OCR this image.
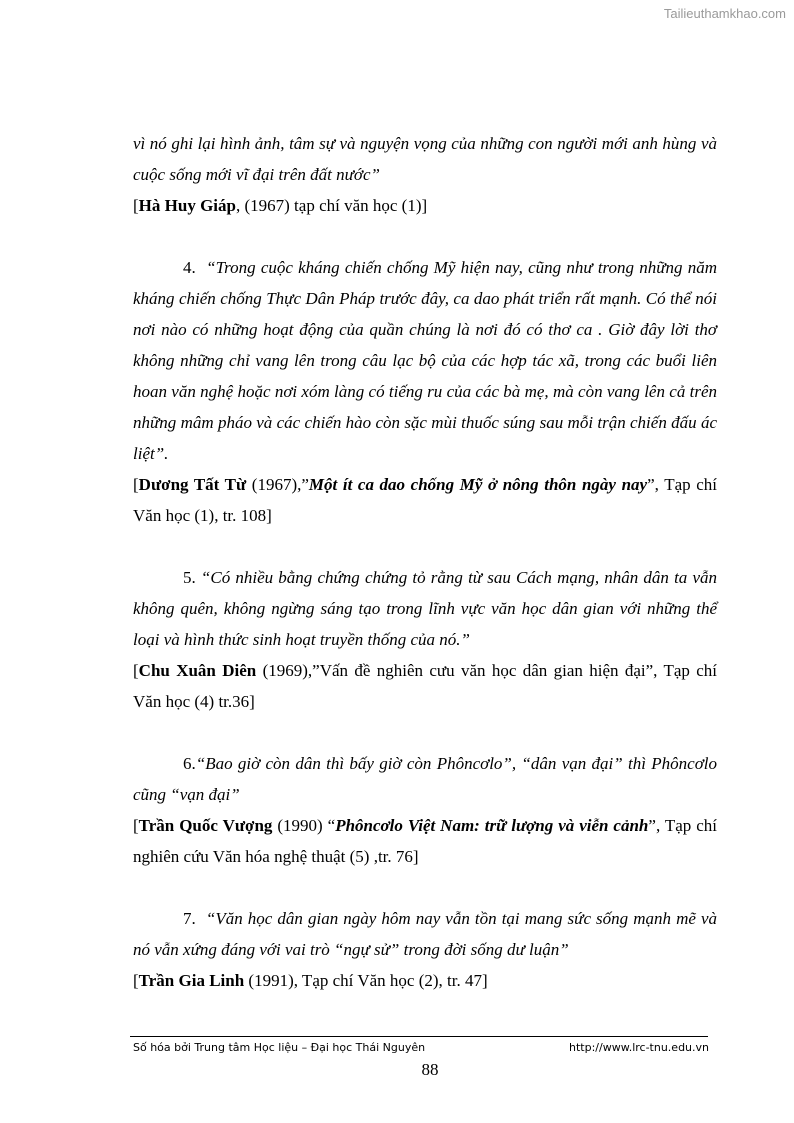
Tailieuthamkhao.com

vì nó ghi lại hình ảnh, tâm sự và nguyện vọng của những con người mới anh hùng và cuộc sống mới vĩ đại trên đất nước”

[Hà Huy Giáp, (1967) tạp chí văn học (1)]

4. “Trong cuộc kháng chiến chống Mỹ hiện nay, cũng như trong những năm kháng chiến chống Thực Dân Pháp trước đây, ca dao phát triển rất mạnh. Có thể nói nơi nào có những hoạt động của quần chúng là nơi đó có thơ ca . Giờ đây lời thơ không những chỉ vang lên trong câu lạc bộ của các hợp tác xã, trong các buổi liên hoan văn nghệ hoặc nơi xóm làng có tiếng ru của các bà mẹ, mà còn vang lên cả trên những mâm pháo và các chiến hào còn sặc mùi thuốc súng sau mỗi trận chiến đấu ác liệt”.

[Dương Tất Từ (1967),”Một ít ca dao chống Mỹ ở nông thôn ngày nay”, Tạp chí Văn học (1), tr. 108]

5. “Có nhiều bằng chứng chứng tỏ rằng từ sau Cách mạng, nhân dân ta vẫn không quên, không ngừng sáng tạo trong lĩnh vực văn học dân gian với những thể loại và hình thức sinh hoạt truyền thống của nó.”

[Chu Xuân Diên (1969),”Vấn đề nghiên cưu văn học dân gian hiện đại”, Tạp chí Văn học (4) tr.36]

6.“Bao giờ còn dân thì bấy giờ còn Phôncơlo”, “dân vạn đại” thì Phôncơlo cũng “vạn đại”

[Trần Quốc Vượng (1990) “Phôncơlo Việt Nam: trữ lượng và viễn cảnh”, Tạp chí nghiên cứu Văn hóa nghệ thuật (5) ,tr. 76]

7. “Văn học dân gian ngày hôm nay vẫn tồn tại mang sức sống mạnh mẽ và nó vẫn xứng đáng với vai trò “ngự sử” trong đời sống dư luận”

[Trần Gia Linh (1991), Tạp chí Văn học (2), tr. 47]

Số hóa bởi Trung tâm Học liệu – Đại học Thái Nguyên	http://www.lrc-tnu.edu.vn
88
